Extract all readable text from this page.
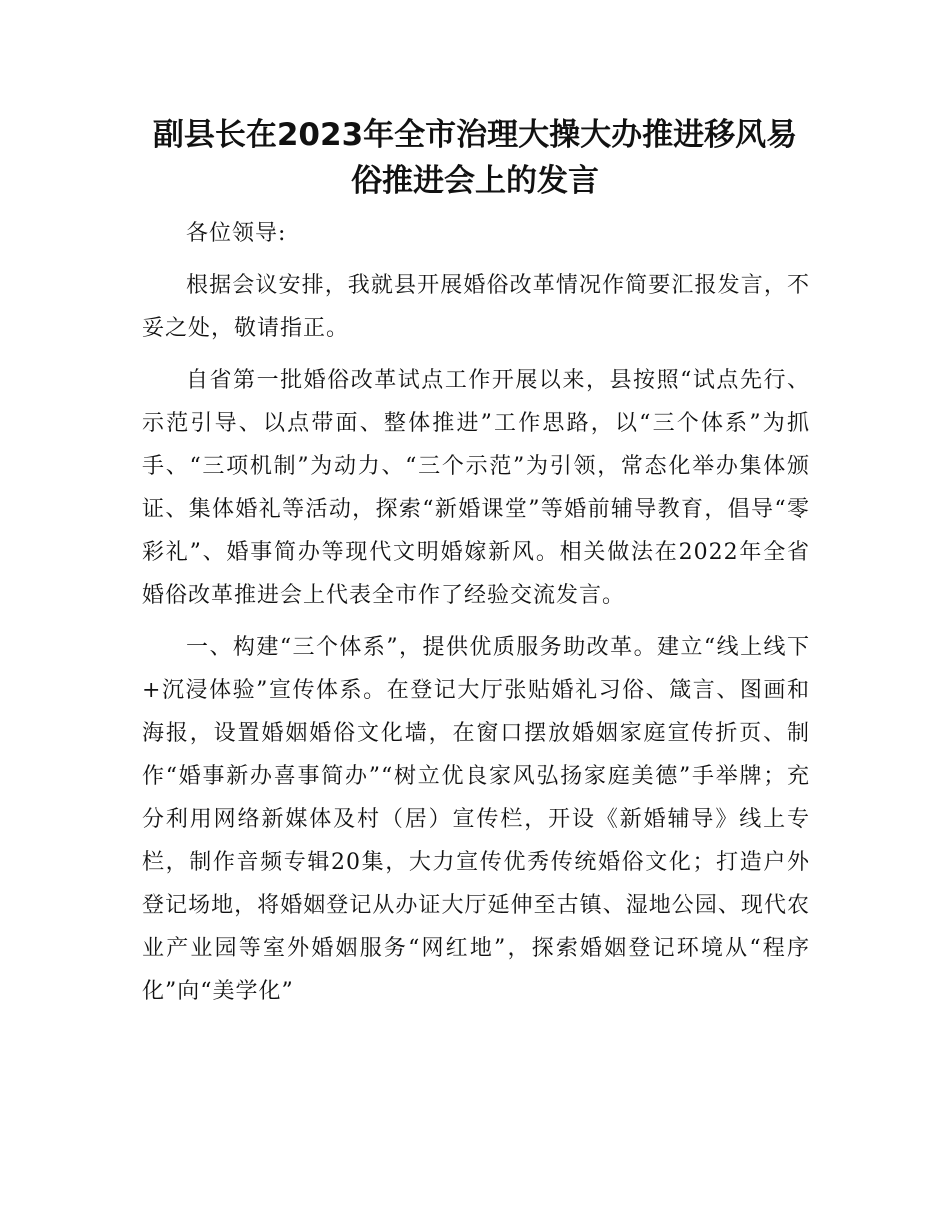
副县长在2023年全市治理大操大办推进移风易俗推进会上的发言

各位领导:

根据会议安排，我就县开展婚俗改革情况作简要汇报发言，不妥之处，敬请指正。

自省第一批婚俗改革试点工作开展以来，县按照“试点先行、示范引导、以点带面、整体推进”工作思路，以“三个体系”为抓手、“三项机制”为动力、“三个示范”为引领，常态化举办集体颁证、集体婚礼等活动，探索“新婚课堂”等婚前辅导教育，倡导“零彩礼”、婚事简办等现代文明婚嫁新风。相关做法在2022年全省婚俗改革推进会上代表全市作了经验交流发言。

一、构建“三个体系”，提供优质服务助改革。建立“线上线下+沉浸体验”宣传体系。在登记大厅张贴婚礼习俗、箴言、图画和海报，设置婚姻婚俗文化墙，在窗口摆放婚姻家庭宣传折页、制作“婚事新办喜事简办”“树立优良家风弘扬家庭美德”手举牌；充分利用网络新媒体及村（居）宣传栏，开设《新婚辅导》线上专栏，制作音频专辑20集，大力宣传优秀传统婚俗文化；打造户外登记场地，将婚姻登记从办证大厅延伸至古镇、湿地公园、现代农业产业园等室外婚姻服务“网红地”，探索婚姻登记环境从“程序化”向“美学化”
